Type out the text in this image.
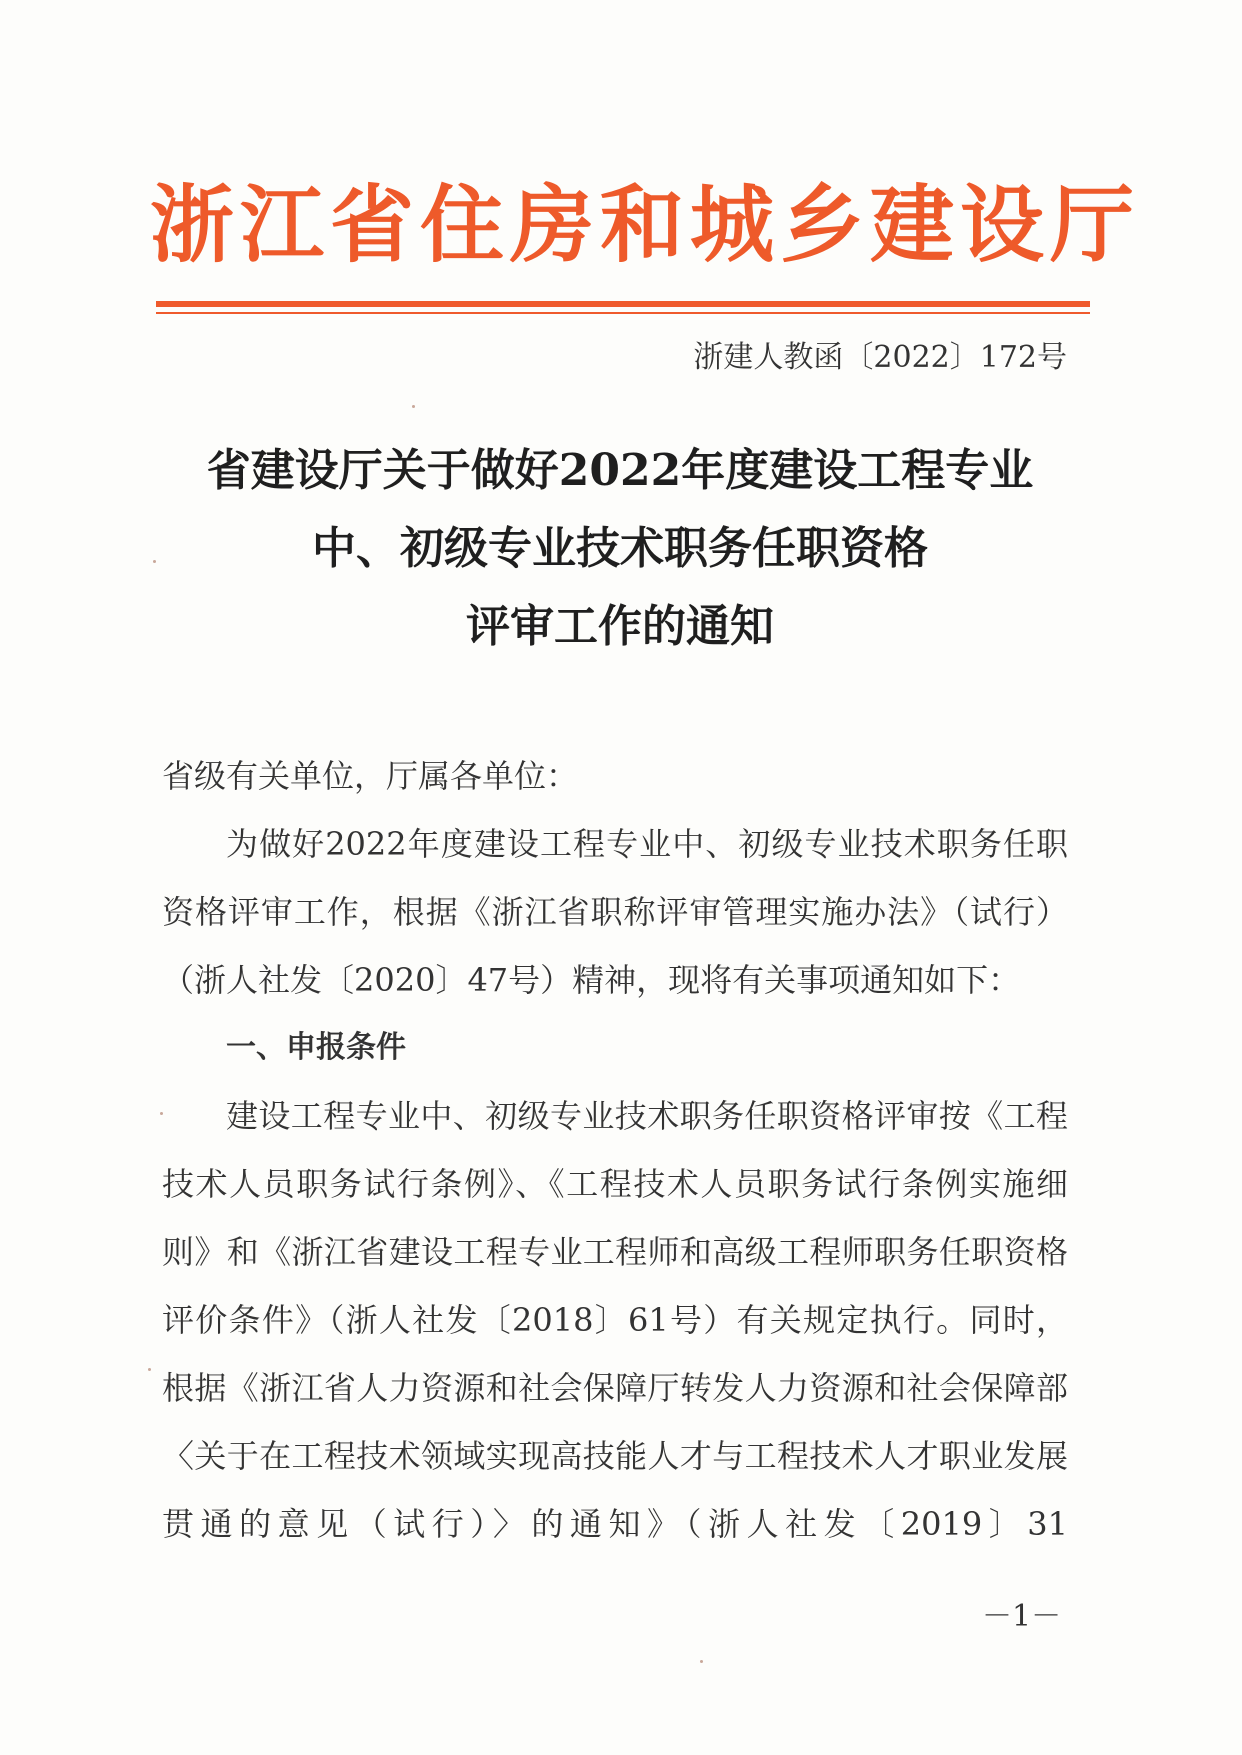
浙江省住房和城乡建设厅
浙建人教函〔2022〕172号
省建设厅关于做好2022年度建设工程专业
中、初级专业技术职务任职资格
评审工作的通知

省级有关单位，厅属各单位：

为做好2022年度建设工程专业中、初级专业技术职务任职资格评审工作，根据《浙江省职称评审管理实施办法》（试行）（浙人社发〔2020〕47号）精神，现将有关事项通知如下：

一、申报条件

建设工程专业中、初级专业技术职务任职资格评审按《工程技术人员职务试行条例》、《工程技术人员职务试行条例实施细则》和《浙江省建设工程专业工程师和高级工程师职务任职资格评价条件》（浙人社发〔2018〕61号）有关规定执行。同时，根据《浙江省人力资源和社会保障厅转发人力资源和社会保障部〈关于在工程技术领域实现高技能人才与工程技术人才职业发展贯通的意见（试行）〉的通知》（浙人社发〔2019〕31

－1－
